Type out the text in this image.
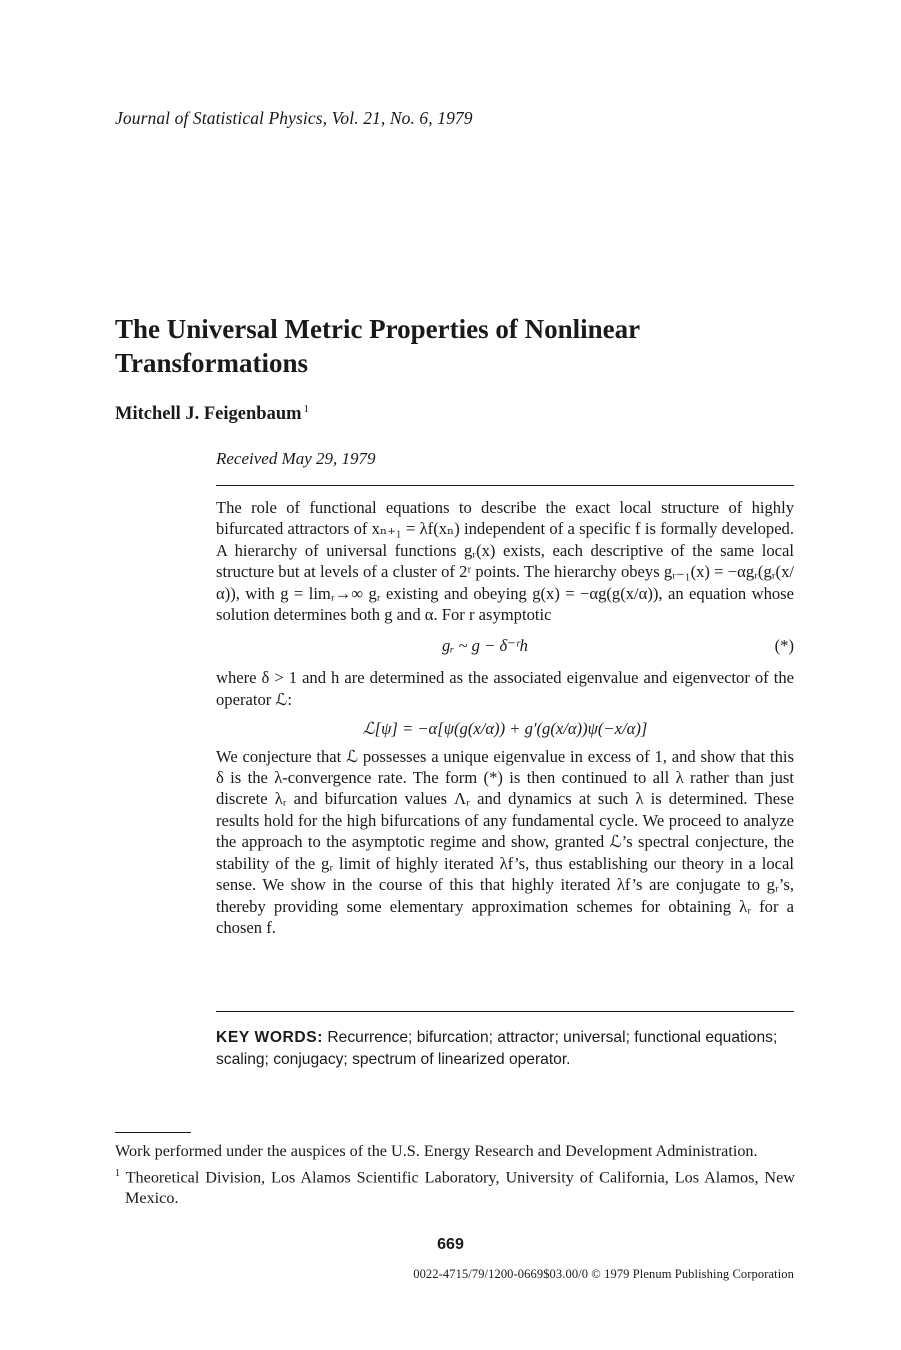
Journal of Statistical Physics, Vol. 21, No. 6, 1979
The Universal Metric Properties of Nonlinear Transformations
Mitchell J. Feigenbaum $^1$
Received May 29, 1979

The role of functional equations to describe the exact local structure of highly bifurcated attractors of xₙ₊₁ = λf(xₙ) independent of a specific f is formally developed. A hierarchy of universal functions gᵣ(x) exists, each descriptive of the same local structure but at levels of a cluster of 2ʳ points. The hierarchy obeys gᵣ₋₁(x) = −αgᵣ(gᵣ(x/α)), with g = limᵣ→∞ gᵣ existing and obeying g(x) = −αg(g(x/α)), an equation whose solution determines both g and α. For r asymptotic

gᵣ ~ g − δ⁻ʳh	(*)

where δ > 1 and h are determined as the associated eigenvalue and eigenvector of the operator ℒ:

ℒ[ψ] = −α[ψ(g(x/α)) + g′(g(x/α))ψ(−x/α)]

We conjecture that ℒ possesses a unique eigenvalue in excess of 1, and show that this δ is the λ-convergence rate. The form (*) is then continued to all λ rather than just discrete λᵣ and bifurcation values Λᵣ and dynamics at such λ is determined. These results hold for the high bifurcations of any fundamental cycle. We proceed to analyze the approach to the asymptotic regime and show, granted ℒ’s spectral conjecture, the stability of the gᵣ limit of highly iterated λf’s, thus establishing our theory in a local sense. We show in the course of this that highly iterated λf’s are conjugate to gᵣ’s, thereby providing some elementary approximation schemes for obtaining λᵣ for a chosen f.

KEY WORDS: Recurrence; bifurcation; attractor; universal; functional equations; scaling; conjugacy; spectrum of linearized operator.

Work performed under the auspices of the U.S. Energy Research and Development Administration.

$^1$ Theoretical Division, Los Alamos Scientific Laboratory, University of California, Los Alamos, New Mexico.

669
0022-4715/79/1200-0669$03.00/0 © 1979 Plenum Publishing Corporation
